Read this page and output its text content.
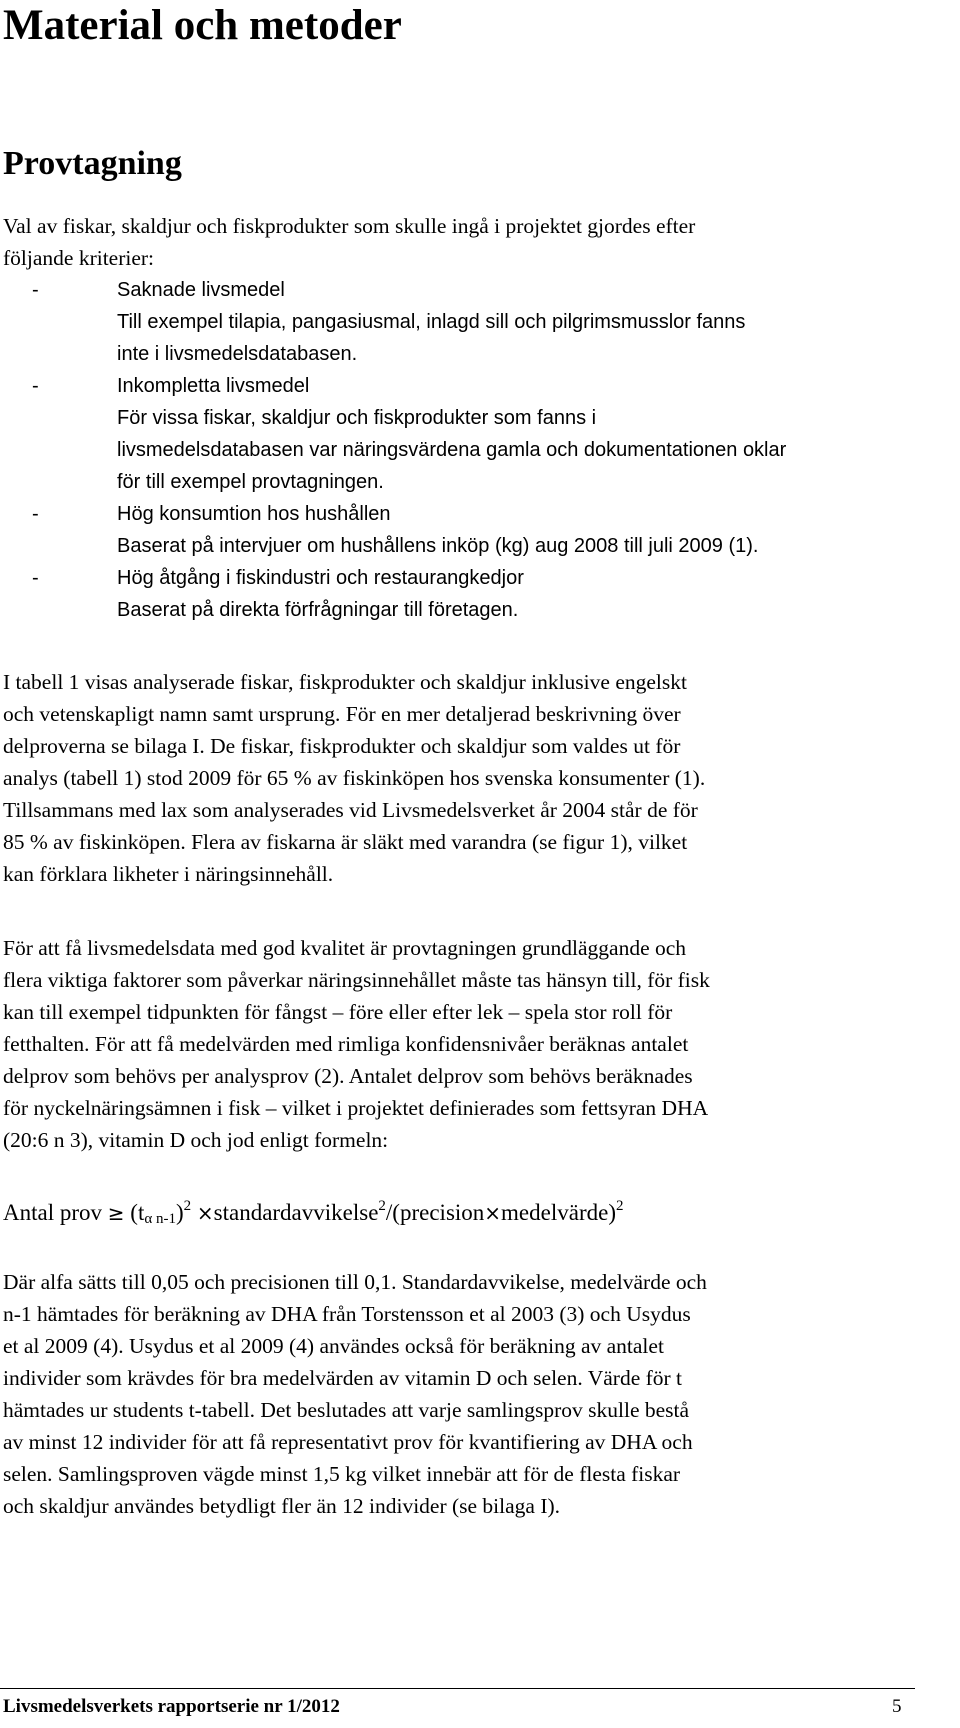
Material och metoder
Provtagning
Val av fiskar, skaldjur och fiskprodukter som skulle ingå i projektet gjordes efter
följande kriterier:
-	Saknade livsmedel
Till exempel tilapia, pangasiusmal, inlagd sill och pilgrimsmusslor fanns
inte i livsmedelsdatabasen.
-	Inkompletta livsmedel
För vissa fiskar, skaldjur och fiskprodukter som fanns i
livsmedelsdatabasen var näringsvärdena gamla och dokumentationen oklar
för till exempel provtagningen.
-	Hög konsumtion hos hushållen
Baserat på intervjuer om hushållens inköp (kg) aug 2008 till juli 2009 (1).
-	Hög åtgång i fiskindustri och restaurangkedjor
Baserat på direkta förfrågningar till företagen.
I tabell 1 visas analyserade fiskar, fiskprodukter och skaldjur inklusive engelskt
och vetenskapligt namn samt ursprung. För en mer detaljerad beskrivning över
delproverna se bilaga I. De fiskar, fiskprodukter och skaldjur som valdes ut för
analys (tabell 1) stod 2009 för 65 % av fiskinköpen hos svenska konsumenter (1).
Tillsammans med lax som analyserades vid Livsmedelsverket år 2004 står de för
85 % av fiskinköpen. Flera av fiskarna är släkt med varandra (se figur 1), vilket
kan förklara likheter i näringsinnehåll.
För att få livsmedelsdata med god kvalitet är provtagningen grundläggande och
flera viktiga faktorer som påverkar näringsinnehållet måste tas hänsyn till, för fisk
kan till exempel tidpunkten för fångst – före eller efter lek – spela stor roll för
fetthalten. För att få medelvärden med rimliga konfidensnivåer beräknas antalet
delprov som behövs per analysprov (2). Antalet delprov som behövs beräknades
för nyckelnäringsämnen i fisk – vilket i projektet definierades som fettsyran DHA
(20:6 n 3), vitamin D och jod enligt formeln:
Antal prov ≥ $(t_{\alpha n-1})^2$ ×standardavvikelse$^2$/(precision×medelvärde)$^2$
Där alfa sätts till 0,05 och precisionen till 0,1. Standardavvikelse, medelvärde och
n-1 hämtades för beräkning av DHA från Torstensson et al 2003 (3) och Usydus
et al 2009 (4). Usydus et al 2009 (4) användes också för beräkning av antalet
individer som krävdes för bra medelvärden av vitamin D och selen. Värde för t
hämtades ur students t-tabell. Det beslutades att varje samlingsprov skulle bestå
av minst 12 individer för att få representativt prov för kvantifiering av DHA och
selen. Samlingsproven vägde minst 1,5 kg vilket innebär att för de flesta fiskar
och skaldjur användes betydligt fler än 12 individer (se bilaga I).
Livsmedelsverkets rapportserie nr 1/2012	5
